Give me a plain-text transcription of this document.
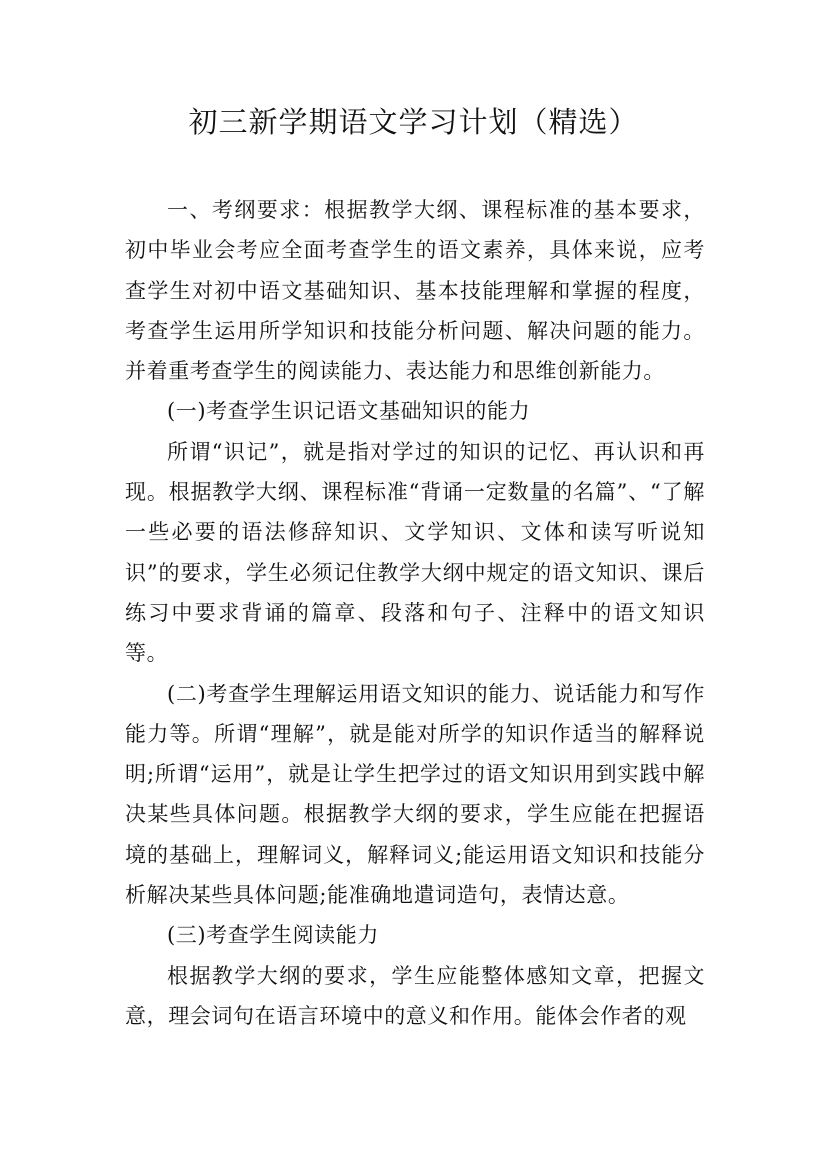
初三新学期语文学习计划（精选）

一、考纲要求：根据教学大纲、课程标准的基本要求，初中毕业会考应全面考查学生的语文素养，具体来说，应考查学生对初中语文基础知识、基本技能理解和掌握的程度，考查学生运用所学知识和技能分析问题、解决问题的能力。并着重考查学生的阅读能力、表达能力和思维创新能力。

(一)考查学生识记语文基础知识的能力

所谓“识记”，就是指对学过的知识的记忆、再认识和再现。根据教学大纲、课程标准“背诵一定数量的名篇”、“了解一些必要的语法修辞知识、文学知识、文体和读写听说知识”的要求，学生必须记住教学大纲中规定的语文知识、课后练习中要求背诵的篇章、段落和句子、注释中的语文知识等。

(二)考查学生理解运用语文知识的能力、说话能力和写作能力等。所谓“理解”，就是能对所学的知识作适当的解释说明;所谓“运用”，就是让学生把学过的语文知识用到实践中解决某些具体问题。根据教学大纲的要求，学生应能在把握语境的基础上，理解词义，解释词义;能运用语文知识和技能分析解决某些具体问题;能准确地遣词造句，表情达意。

(三)考查学生阅读能力

根据教学大纲的要求，学生应能整体感知文章，把握文意，理会词句在语言环境中的意义和作用。能体会作者的观
